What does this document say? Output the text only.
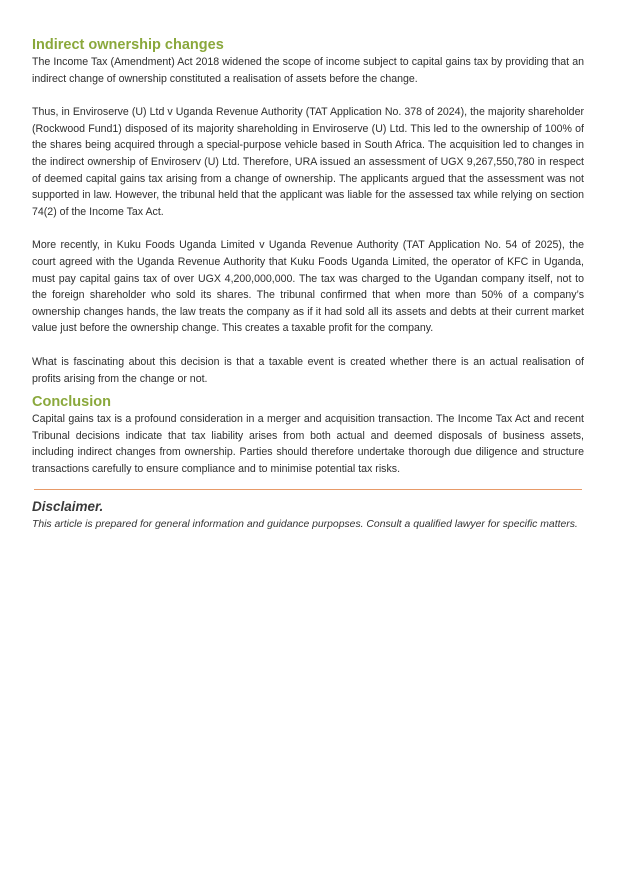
Indirect ownership changes

The Income Tax (Amendment) Act 2018 widened the scope of income subject to capital gains tax by providing that an indirect change of ownership constituted a realisation of assets before the change.

Thus, in Enviroserve (U) Ltd v Uganda Revenue Authority (TAT Application No. 378 of 2024), the majority shareholder (Rockwood Fund1) disposed of its majority shareholding in Enviroserve (U) Ltd. This led to the ownership of 100% of the shares being acquired through a special-purpose vehicle based in South Africa. The acquisition led to changes in the indirect ownership of Enviroserv (U) Ltd. Therefore, URA issued an assessment of UGX 9,267,550,780 in respect of deemed capital gains tax arising from a change of ownership. The applicants argued that the assessment was not supported in law. However, the tribunal held that the applicant was liable for the assessed tax while relying on section 74(2) of the Income Tax Act.

More recently, in Kuku Foods Uganda Limited v Uganda Revenue Authority (TAT Application No. 54 of 2025), the court agreed with the Uganda Revenue Authority that Kuku Foods Uganda Limited, the operator of KFC in Uganda, must pay capital gains tax of over UGX 4,200,000,000. The tax was charged to the Ugandan company itself, not to the foreign shareholder who sold its shares. The tribunal confirmed that when more than 50% of a company’s ownership changes hands, the law treats the company as if it had sold all its assets and debts at their current market value just before the ownership change. This creates a taxable profit for the company.

What is fascinating about this decision is that a taxable event is created whether there is an actual realisation of profits arising from the change or not.

Conclusion

Capital gains tax is a profound consideration in a merger and acquisition transaction. The Income Tax Act and recent Tribunal decisions indicate that tax liability arises from both actual and deemed disposals of business assets, including indirect changes from ownership. Parties should therefore undertake thorough due diligence and structure transactions carefully to ensure compliance and to minimise potential tax risks.

Disclaimer.
This article is prepared for general information and guidance purpopses. Consult a qualified lawyer for specific matters.
